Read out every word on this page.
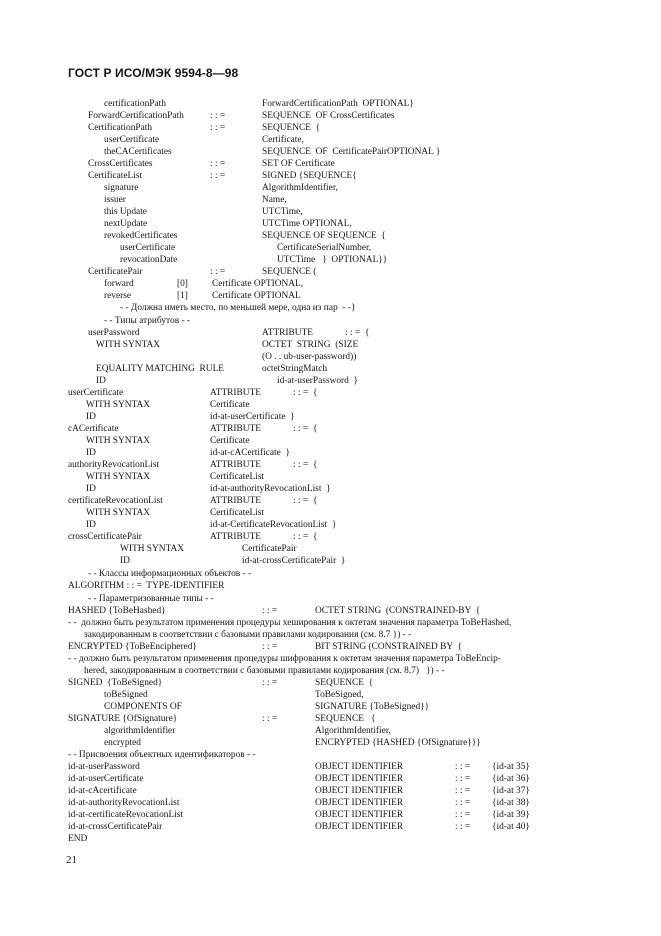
ГОСТ Р ИСО/МЭК 9594-8—98
certificationPath	ForwardCertificationPath  OPTIONAL}
ForwardCertificationPath	: : =	SEQUENCE  OF CrossCertificates
CertificationPath	: : =	SEQUENCE  {
userCertificate	Certificate,
theCACertificates	SEQUENCE  OF  CertificatePairOPTIONAL }
CrossCertificates	: : =	SET OF Certificate
CertificateList	: : =	SIGNED {SEQUENCE{
signature	AlgorithmIdentifier,
issuer	Name,
this Update	UTCTime,
nextUpdate	UTCTime OPTIONAL,
revokedCertificates	SEQUENCE OF SEQUENCE  {
userCertificate	CertificateSerialNumber,
revocationDate	UTCTime   }  OPTIONAL}}
CertificatePair	: : =	SEQUENCE (
forward	[0]	Certificate OPTIONAL,
reverse	[1]	Certificate OPTIONAL
- - Должна иметь место, по меньшей мере, одна из пар  - -}
- - Типы атрибутов - -
userPassword	ATTRIBUTE	: : =  {
WITH SYNTAX	OCTET  STRING  (SIZE
(O . . ub-user-password))
EQUALITY MATCHING  RULE	octetStringMatch
ID	id-at-userPassword  }
userCertificate	ATTRIBUTE	: : =  {
WITH SYNTAX	Certificate
ID	id-at-userCertificate  }
cACertificate	ATTRIBUTE	: : =  {
WITH SYNTAX	Certificate
ID	id-at-cACertificate  }
authorityRevocationList	ATTRIBUTE	: : =  {
WITH SYNTAX	CertificateList
ID	id-at-authorityRevocationList  }
certificateRevocationList	ATTRIBUTE	: : =  {
WITH SYNTAX	CertificateList
ID	id-at-CertificateRevocationList  }
crossCertificatePair	ATTRIBUTE	: : =  {
WITH SYNTAX	CertificatePair
ID	id-at-crossCertificatePair  }
- - Классы информационных объектов - -
ALGORITHM : : =  TYPE-IDENTIFIER
- - Параметризованные типы - -
HASHED {ToBeHashed}	: : =	OCTET STRING  (CONSTRAINED-BY  {
- -  должно быть результатом применения процедуры хеширования к октетам значения параметра ToBeHashed,
закодированным в соответствии с базовыми правилами кодирования (см. 8.7 }) - -
ENCRYPTED {ToBeEnciphered}	: : =	BIT STRING (CONSTRAINED BY  {
- - должно быть результатом применения процедуры шифрования к октетам значения параметра ToBeEnciр-
hered, закодированным в соответствии с базовыми правилами кодирования (см. 8.7)   }) - -
SIGNED  {ToBeSigned}	: : =	SEQUENCE  {
toBeSigned	ToBeSigned,
COMPONENTS OF	SIGNATURE {ToBeSigned}}
SIGNATURE {OfSignature}	: : =	SEQUENCE   {
algorithmIdentifier	AlgorithmIdentifier,
encrypted	ENCRYPTED {HASHED {OfSignature}}}
- - Присвоения объектных идентификаторов - -
id-at-userPassword	OBJECT IDENTIFIER	: : = {id-at 35}
id-at-userCertificate	OBJECT IDENTIFIER	: : = {id-at 36}
id-at-cAcertificate	OBJECT IDENTIFIER	: : = {id-at 37}
id-at-authorityRevocationList	OBJECT IDENTIFIER	: : = {id-at 38}
id-at-certificateRevocationList	OBJECT IDENTIFIER	: : = {id-at 39}
id-at-crossCertificatePair	OBJECT IDENTIFIER	: : = {id-at 40}
END
21
